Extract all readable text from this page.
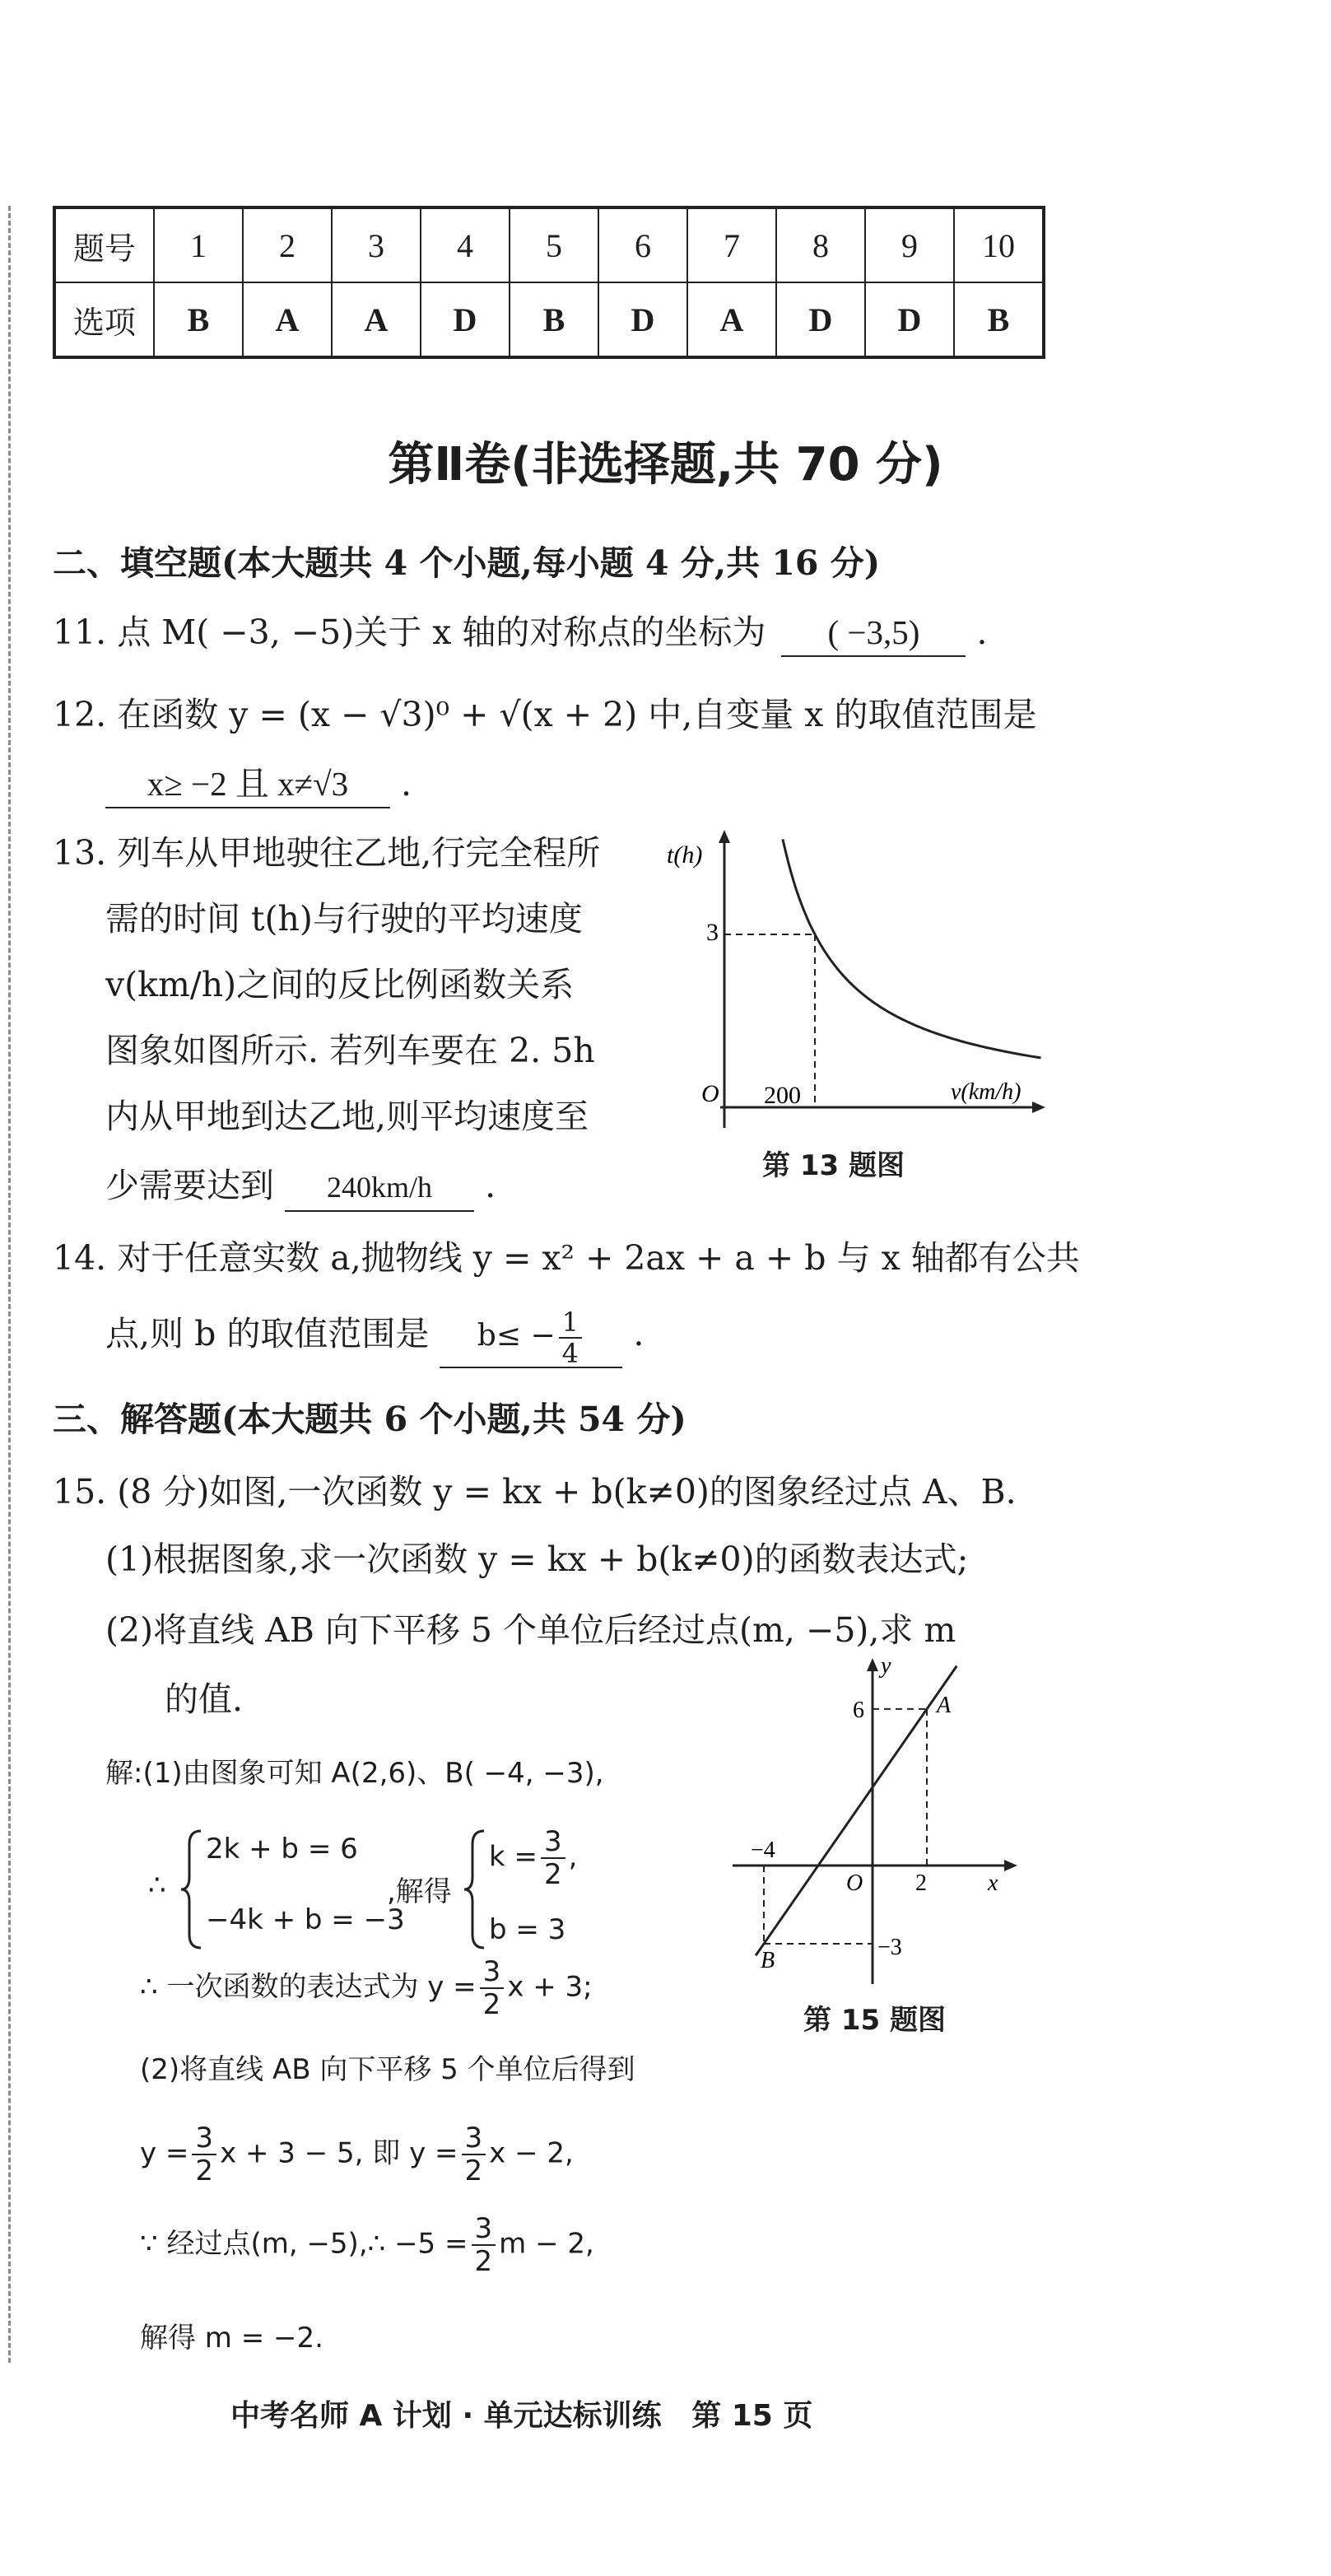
题号	1	2	3	4	5	6	7	8	9	10
选项	B	A	A	D	B	D	A	D	D	B
第Ⅱ卷(非选择题,共 70 分)
二、填空题(本大题共 4 个小题,每小题 4 分,共 16 分)
11. 点 M( −3, −5)关于 x 轴的对称点的坐标为 ( −3,5) .
12. 在函数 y = (x − √3)⁰ + √(x + 2) 中,自变量 x 的取值范围是
x≥ −2 且 x≠√3 .
13. 列车从甲地驶往乙地,行完全程所
需的时间 t(h)与行驶的平均速度
v(km/h)之间的反比例函数关系
图象如图所示. 若列车要在 2. 5h
内从甲地到达乙地,则平均速度至
少需要达到 240km/h .
t(h)
v(km/h)
O
3
200
第 13 题图
14. 对于任意实数 a,抛物线 y = x² + 2ax + a + b 与 x 轴都有公共
点,则 b 的取值范围是 $b\le - \frac{1}{4}$ .
三、解答题(本大题共 6 个小题,共 54 分)
15. (8 分)如图,一次函数 y = kx + b(k≠0)的图象经过点 A、B.
(1)根据图象,求一次函数 y = kx + b(k≠0)的函数表达式;
(2)将直线 AB 向下平移 5 个单位后经过点(m, −5),求 m
的值.
解:(1)由图象可知 A(2,6)、B( −4, −3),
∴
2k + b = 6
−4k + b = −3
,解得
$k = \frac{3}{2}$ ,
b = 3
∴ 一次函数的表达式为 $y = \frac{3}{2}$ x + 3;
(2)将直线 AB 向下平移 5 个单位后得到
$y = \frac{3}{2}$ x + 3 − 5, 即 $y = \frac{3}{2}$ x − 2,
∵ 经过点(m, −5),∴ $-5 = \frac{3}{2}$ m − 2,
解得 m = −2.
y
x
O
A
B
6
−4
2
−3
第 15 题图
中考名师 A 计划 · 单元达标训练 第 15 页
